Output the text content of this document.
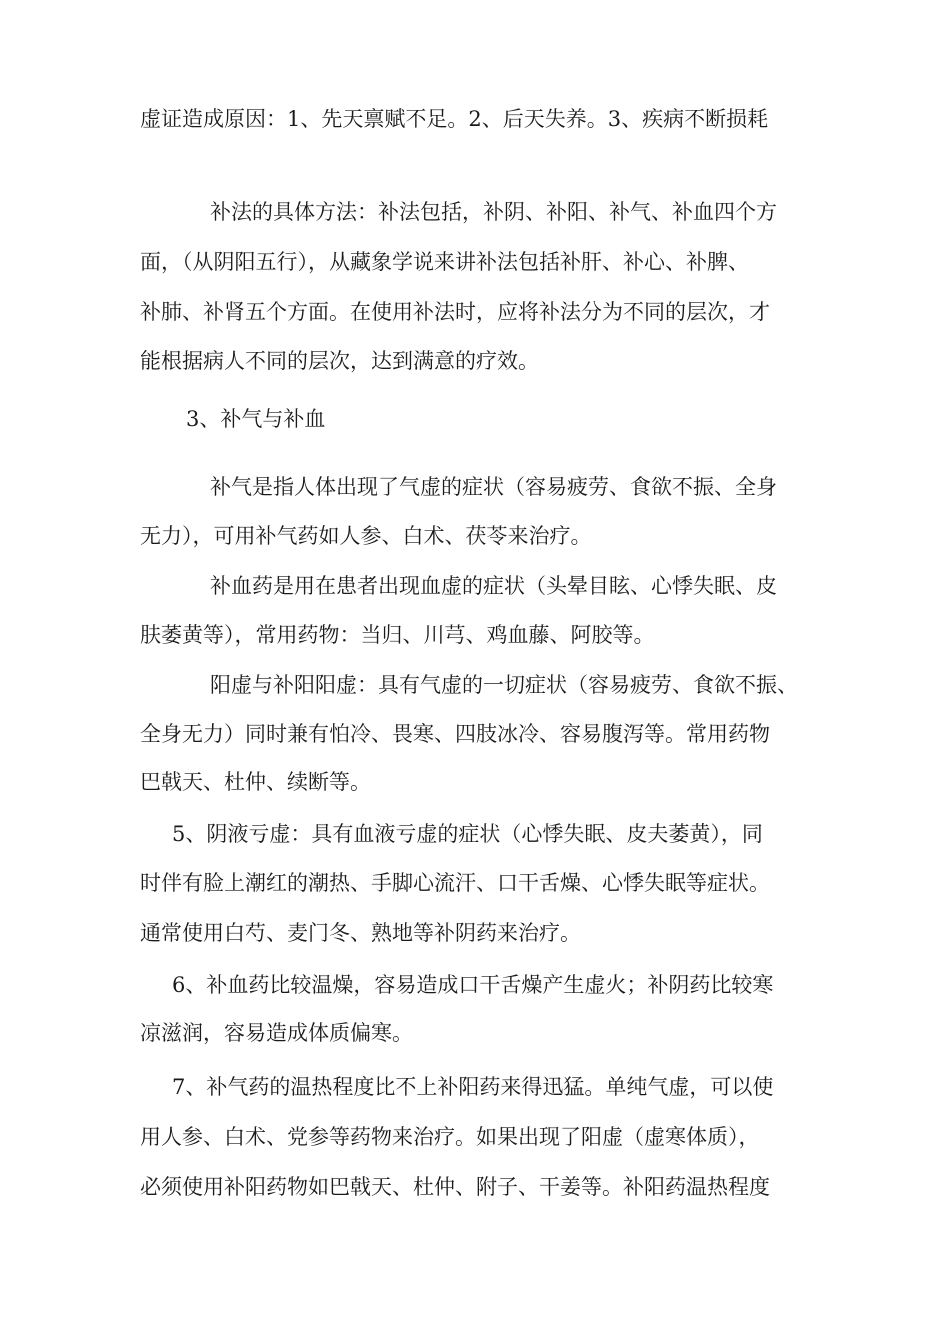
虚证造成原因：1、先天禀赋不足。2、后天失养。3、疾病不断损耗
补法的具体方法：补法包括，补阴、补阳、补气、补血四个方
面，（从阴阳五行），从藏象学说来讲补法包括补肝、补心、补脾、
补肺、补肾五个方面。在使用补法时，应将补法分为不同的层次，才
能根据病人不同的层次，达到满意的疗效。
3、补气与补血
补气是指人体出现了气虚的症状（容易疲劳、食欲不振、全身
无力），可用补气药如人参、白术、茯苓来治疗。
补血药是用在患者出现血虚的症状（头晕目眩、心悸失眠、皮
肤萎黄等），常用药物：当归、川芎、鸡血藤、阿胶等。
阳虚与补阳阳虚：具有气虚的一切症状（容易疲劳、食欲不振、
全身无力）同时兼有怕冷、畏寒、四肢冰冷、容易腹泻等。常用药物
巴戟天、杜仲、续断等。
5、阴液亏虚：具有血液亏虚的症状（心悸失眠、皮夫萎黄），同
时伴有脸上潮红的潮热、手脚心流汗、口干舌燥、心悸失眠等症状。
通常使用白芍、麦门冬、熟地等补阴药来治疗。
6、补血药比较温燥，容易造成口干舌燥产生虚火；补阴药比较寒
凉滋润，容易造成体质偏寒。
7、补气药的温热程度比不上补阳药来得迅猛。单纯气虚，可以使
用人参、白术、党参等药物来治疗。如果出现了阳虚（虚寒体质），
必须使用补阳药物如巴戟天、杜仲、附子、干姜等。补阳药温热程度
